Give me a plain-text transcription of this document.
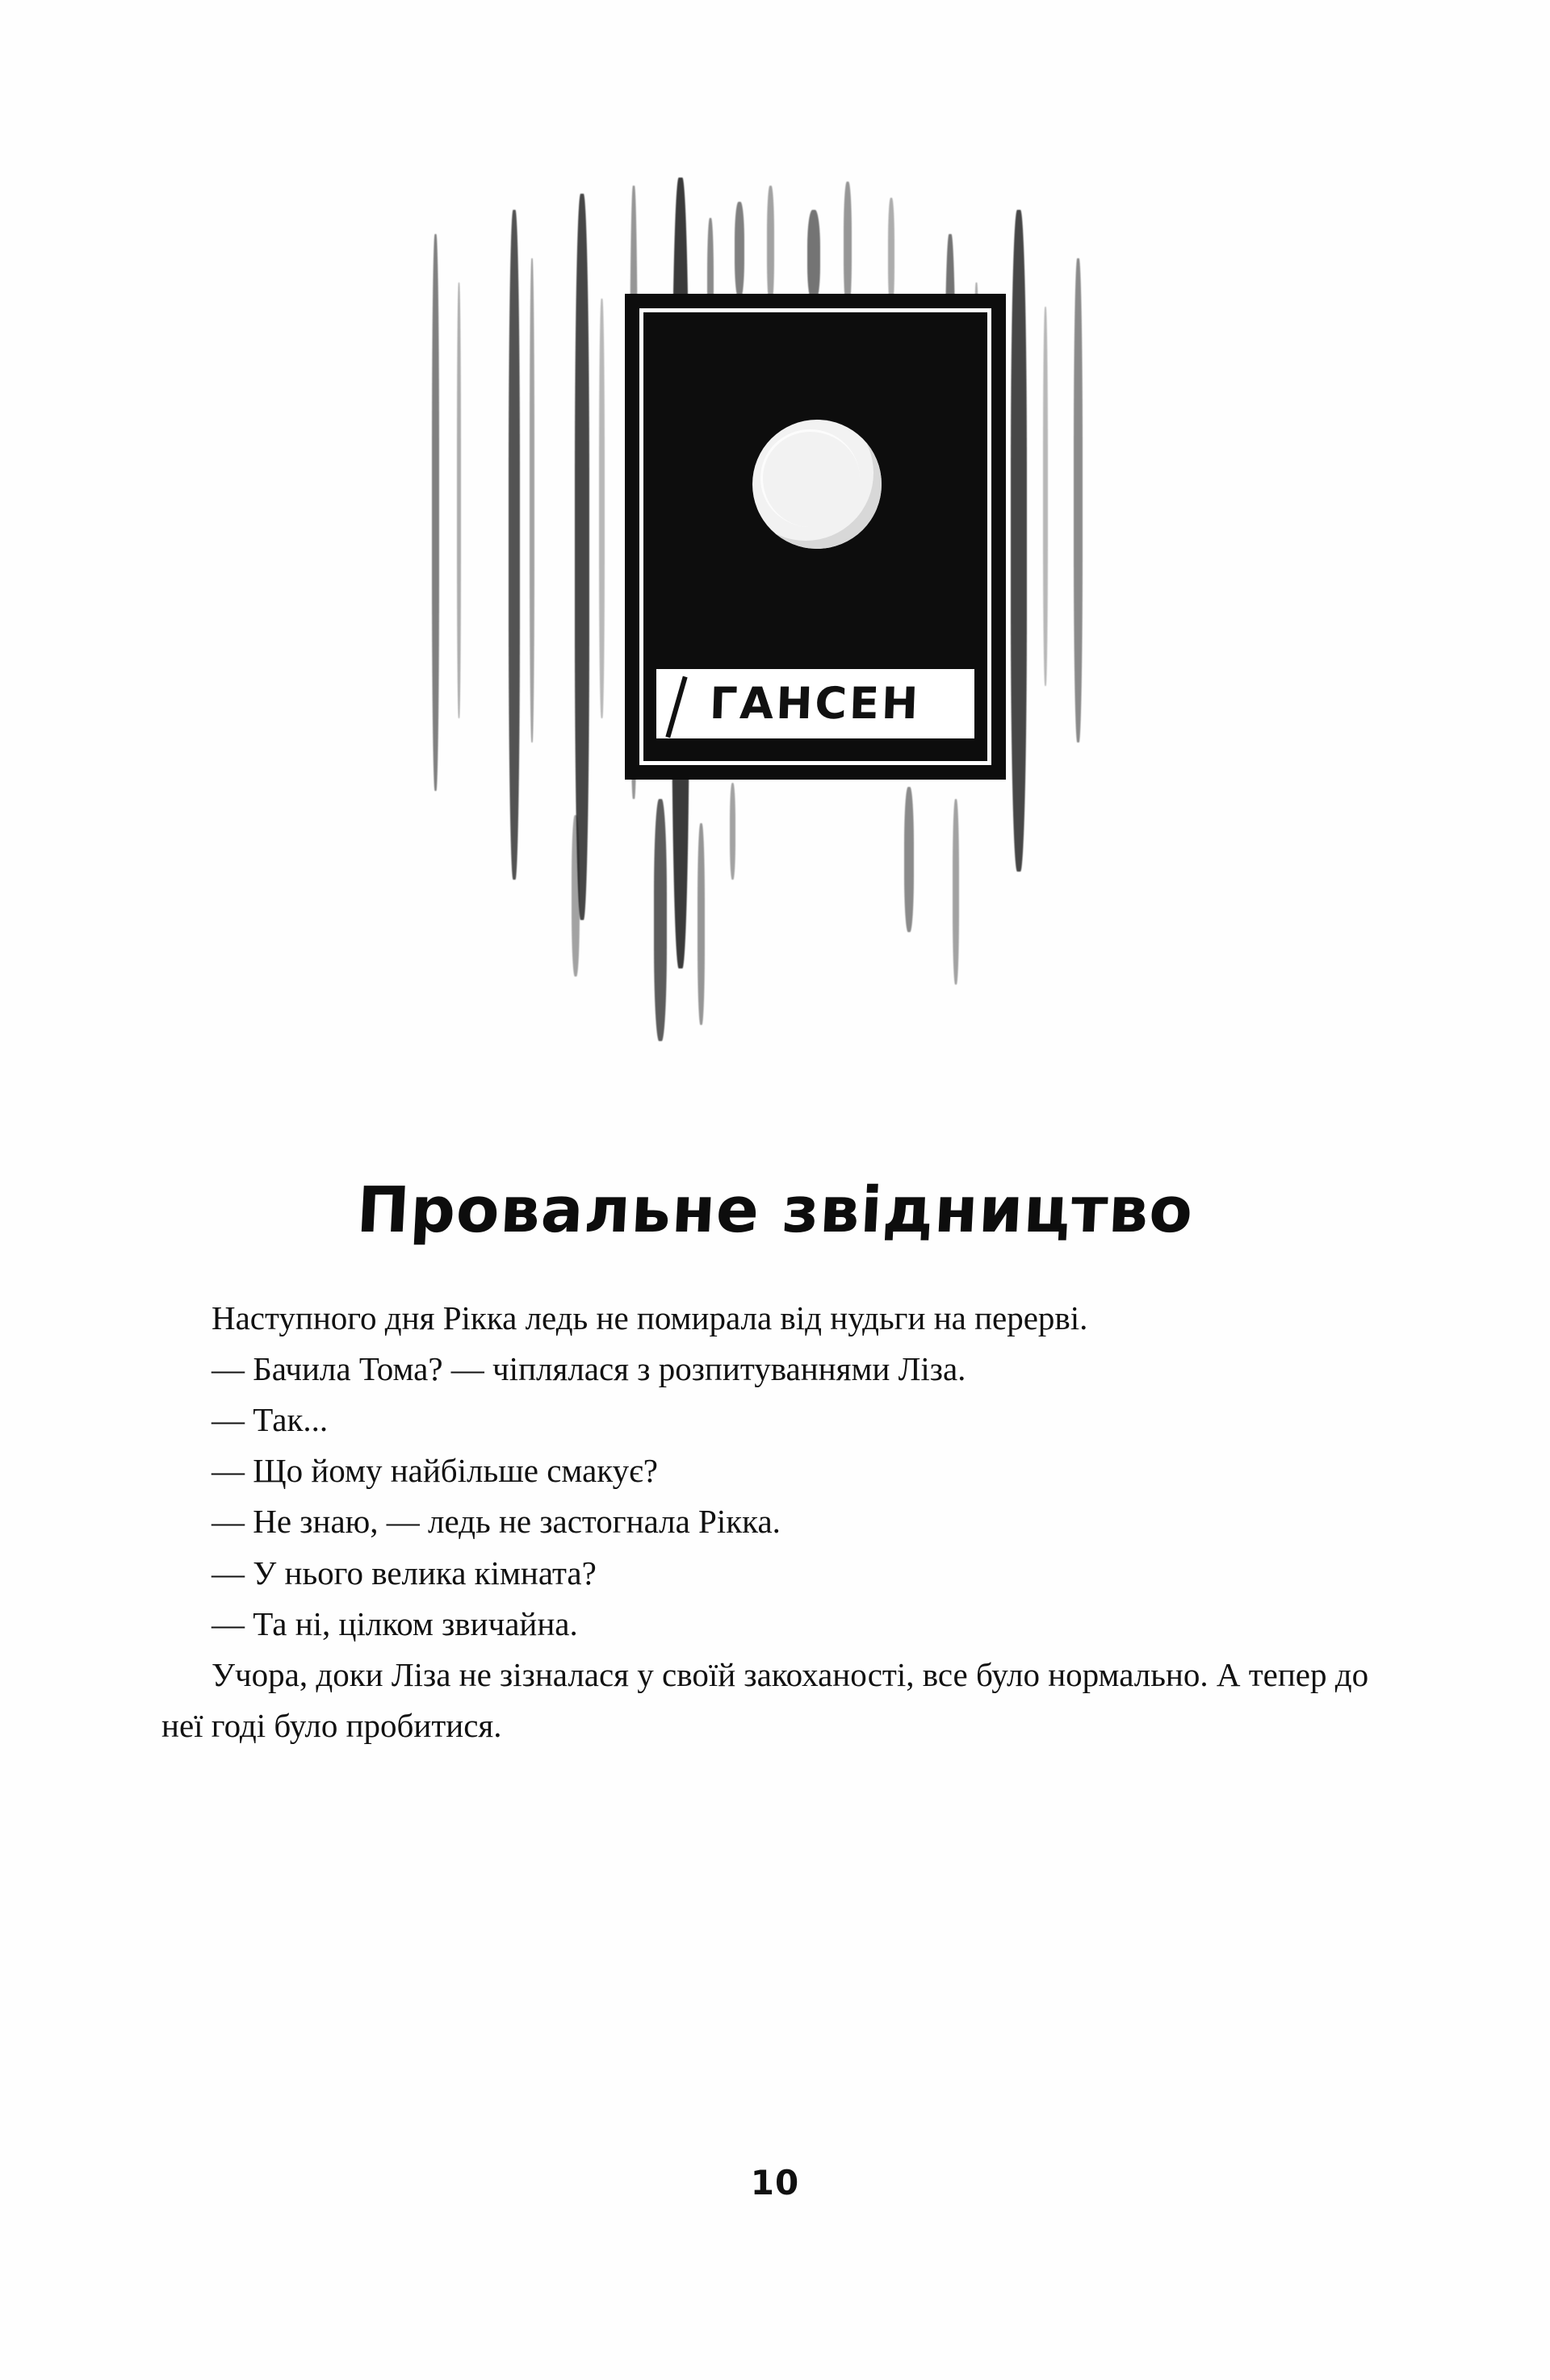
ГАНСЕН
Провальне звідництво

Наступного дня Рікка ледь не помирала від нудьги на перерві.

— Бачила Тома? — чіплялася з розпитуваннями Ліза.

— Так...

— Що йому найбільше смакує?

— Не знаю, — ледь не застогнала Рікка.

— У нього велика кімната?

— Та ні, цілком звичайна.

Учора, доки Ліза не зізналася у своїй закоханості, все було нормально. А тепер до неї годі було пробитися.

10
